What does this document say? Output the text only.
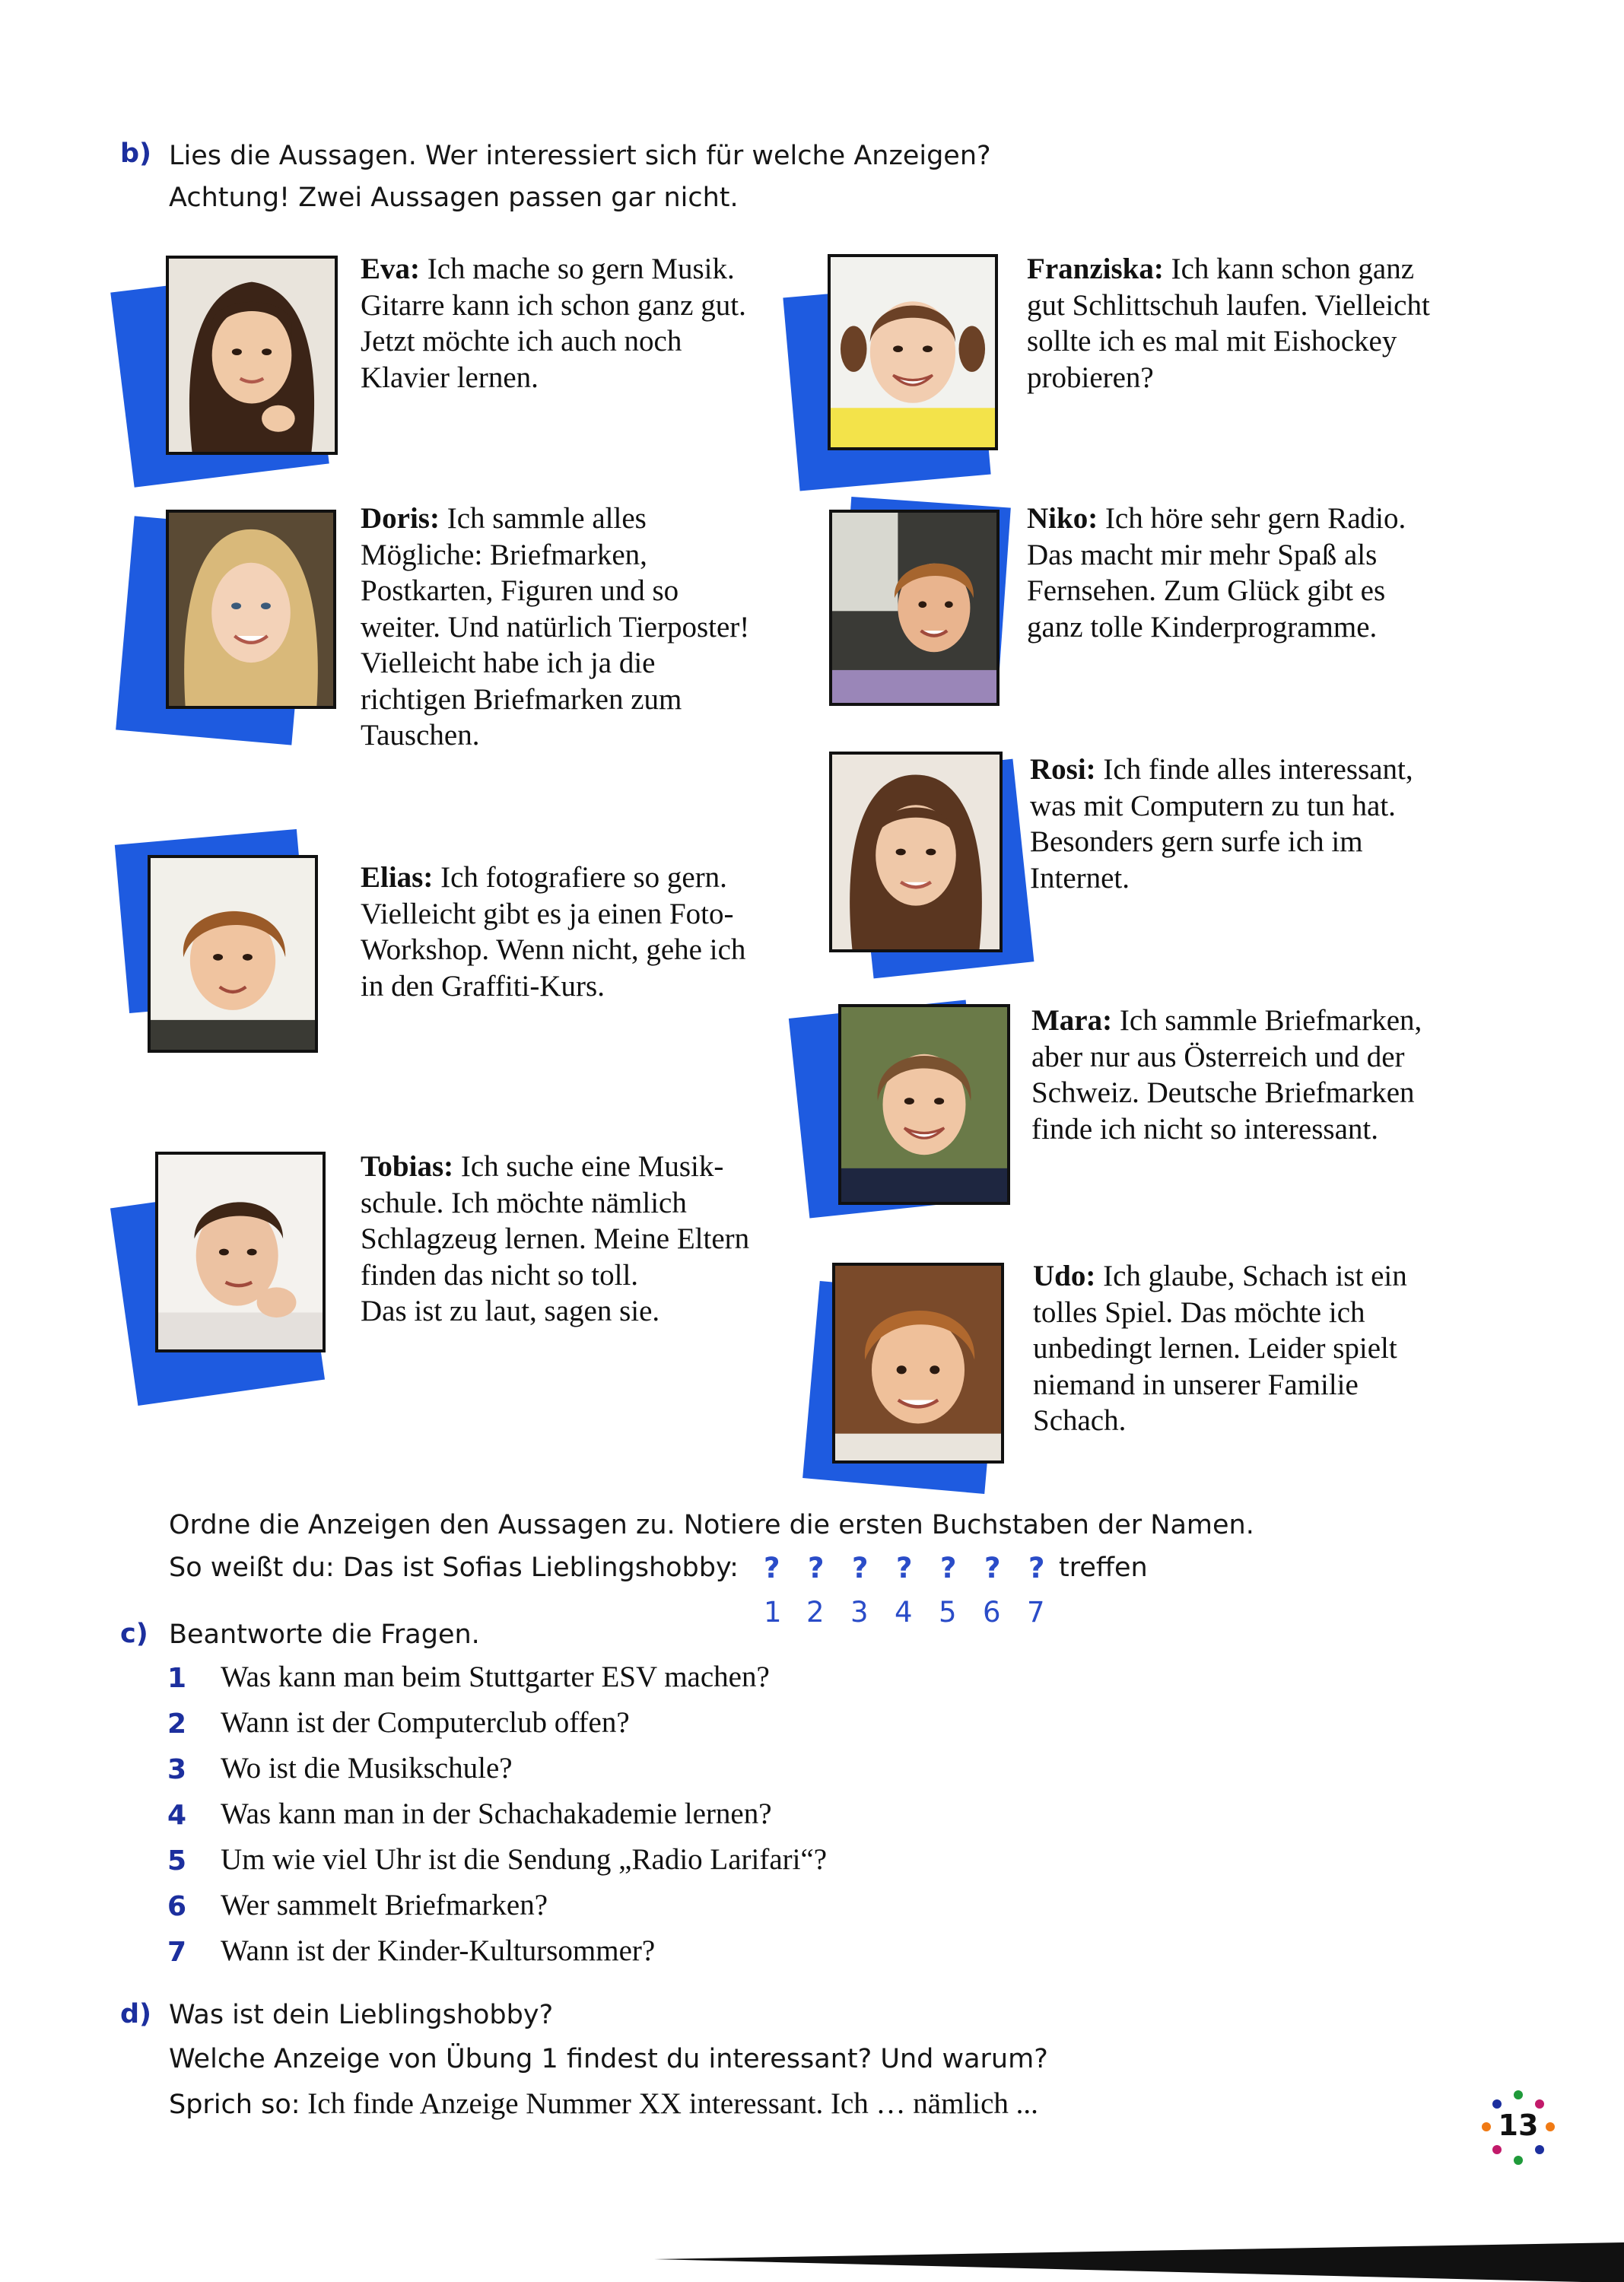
b) Lies die Aussagen. Wer interessiert sich für welche Anzeigen?
Achtung! Zwei Aussagen passen gar nicht.
Eva: Ich mache so gern Musik.
Gitarre kann ich schon ganz gut.
Jetzt möchte ich auch noch
Klavier lernen.
Franziska: Ich kann schon ganz
gut Schlittschuh laufen. Vielleicht
sollte ich es mal mit Eishockey
probieren?
Doris: Ich sammle alles
Mögliche: Briefmarken,
Postkarten, Figuren und so
weiter. Und natürlich Tierposter!
Vielleicht habe ich ja die
richtigen Briefmarken zum
Tauschen.
Niko: Ich höre sehr gern Radio.
Das macht mir mehr Spaß als
Fernsehen. Zum Glück gibt es
ganz tolle Kinderprogramme.
Rosi: Ich finde alles interessant,
was mit Computern zu tun hat.
Besonders gern surfe ich im
Internet.
Elias: Ich fotografiere so gern.
Vielleicht gibt es ja einen Foto-
Workshop. Wenn nicht, gehe ich
in den Graffiti-Kurs.
Mara: Ich sammle Briefmarken,
aber nur aus Österreich und der
Schweiz. Deutsche Briefmarken
finde ich nicht so interessant.
Tobias: Ich suche eine Musik-
schule. Ich möchte nämlich
Schlagzeug lernen. Meine Eltern
finden das nicht so toll.
Das ist zu laut, sagen sie.
Udo: Ich glaube, Schach ist ein
tolles Spiel. Das möchte ich
unbedingt lernen. Leider spielt
niemand in unserer Familie
Schach.
Ordne die Anzeigen den Aussagen zu. Notiere die ersten Buchstaben der Namen.
So weißt du: Das ist Sofias Lieblingshobby: ? ? ? ? ? ? ? treffen
1 2 3 4 5 6 7
c) Beantworte die Fragen.
1 Was kann man beim Stuttgarter ESV machen?
2 Wann ist der Computerclub offen?
3 Wo ist die Musikschule?
4 Was kann man in der Schachakademie lernen?
5 Um wie viel Uhr ist die Sendung „Radio Larifari“?
6 Wer sammelt Briefmarken?
7 Wann ist der Kinder-Kultursommer?
d) Was ist dein Lieblingshobby?
Welche Anzeige von Übung 1 findest du interessant? Und warum?
Sprich so: Ich finde Anzeige Nummer XX interessant. Ich … nämlich ...
13
